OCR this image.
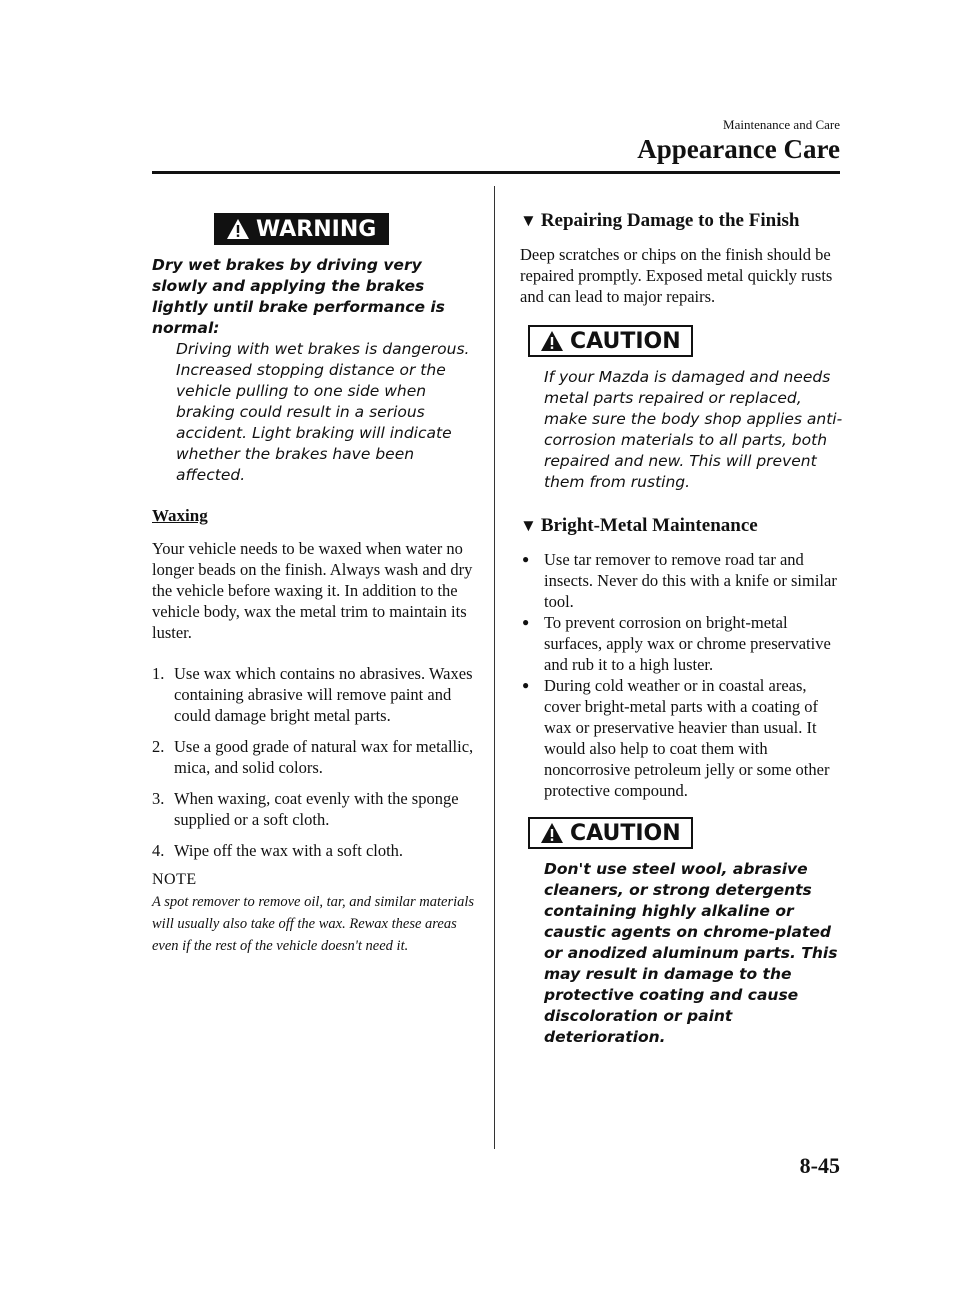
Maintenance and Care
Appearance Care
WARNING
Dry wet brakes by driving very slowly and applying the brakes lightly until brake performance is normal:
Driving with wet brakes is dangerous. Increased stopping distance or the vehicle pulling to one side when braking could result in a serious accident. Light braking will indicate whether the brakes have been affected.

Waxing

Your vehicle needs to be waxed when water no longer beads on the finish. Always wash and dry the vehicle before waxing it. In addition to the vehicle body, wax the metal trim to maintain its luster.
1. Use wax which contains no abrasives. Waxes containing abrasive will remove paint and could damage bright metal parts.
2. Use a good grade of natural wax for metallic, mica, and solid colors.
3. When waxing, coat evenly with the sponge supplied or a soft cloth.
4. Wipe off the wax with a soft cloth.
NOTE
A spot remover to remove oil, tar, and similar materials will usually also take off the wax. Rewax these areas even if the rest of the vehicle doesn't need it.

▼ Repairing Damage to the Finish

Deep scratches or chips on the finish should be repaired promptly. Exposed metal quickly rusts and can lead to major repairs.
CAUTION
If your Mazda is damaged and needs metal parts repaired or replaced, make sure the body shop applies anti-corrosion materials to all parts, both repaired and new. This will prevent them from rusting.

▼ Bright-Metal Maintenance

● Use tar remover to remove road tar and insects. Never do this with a knife or similar tool.
● To prevent corrosion on bright-metal surfaces, apply wax or chrome preservative and rub it to a high luster.
● During cold weather or in coastal areas, cover bright-metal parts with a coating of wax or preservative heavier than usual. It would also help to coat them with noncorrosive petroleum jelly or some other protective compound.
CAUTION
Don't use steel wool, abrasive cleaners, or strong detergents containing highly alkaline or caustic agents on chrome-plated or anodized aluminum parts. This may result in damage to the protective coating and cause discoloration or paint deterioration.
8-45
